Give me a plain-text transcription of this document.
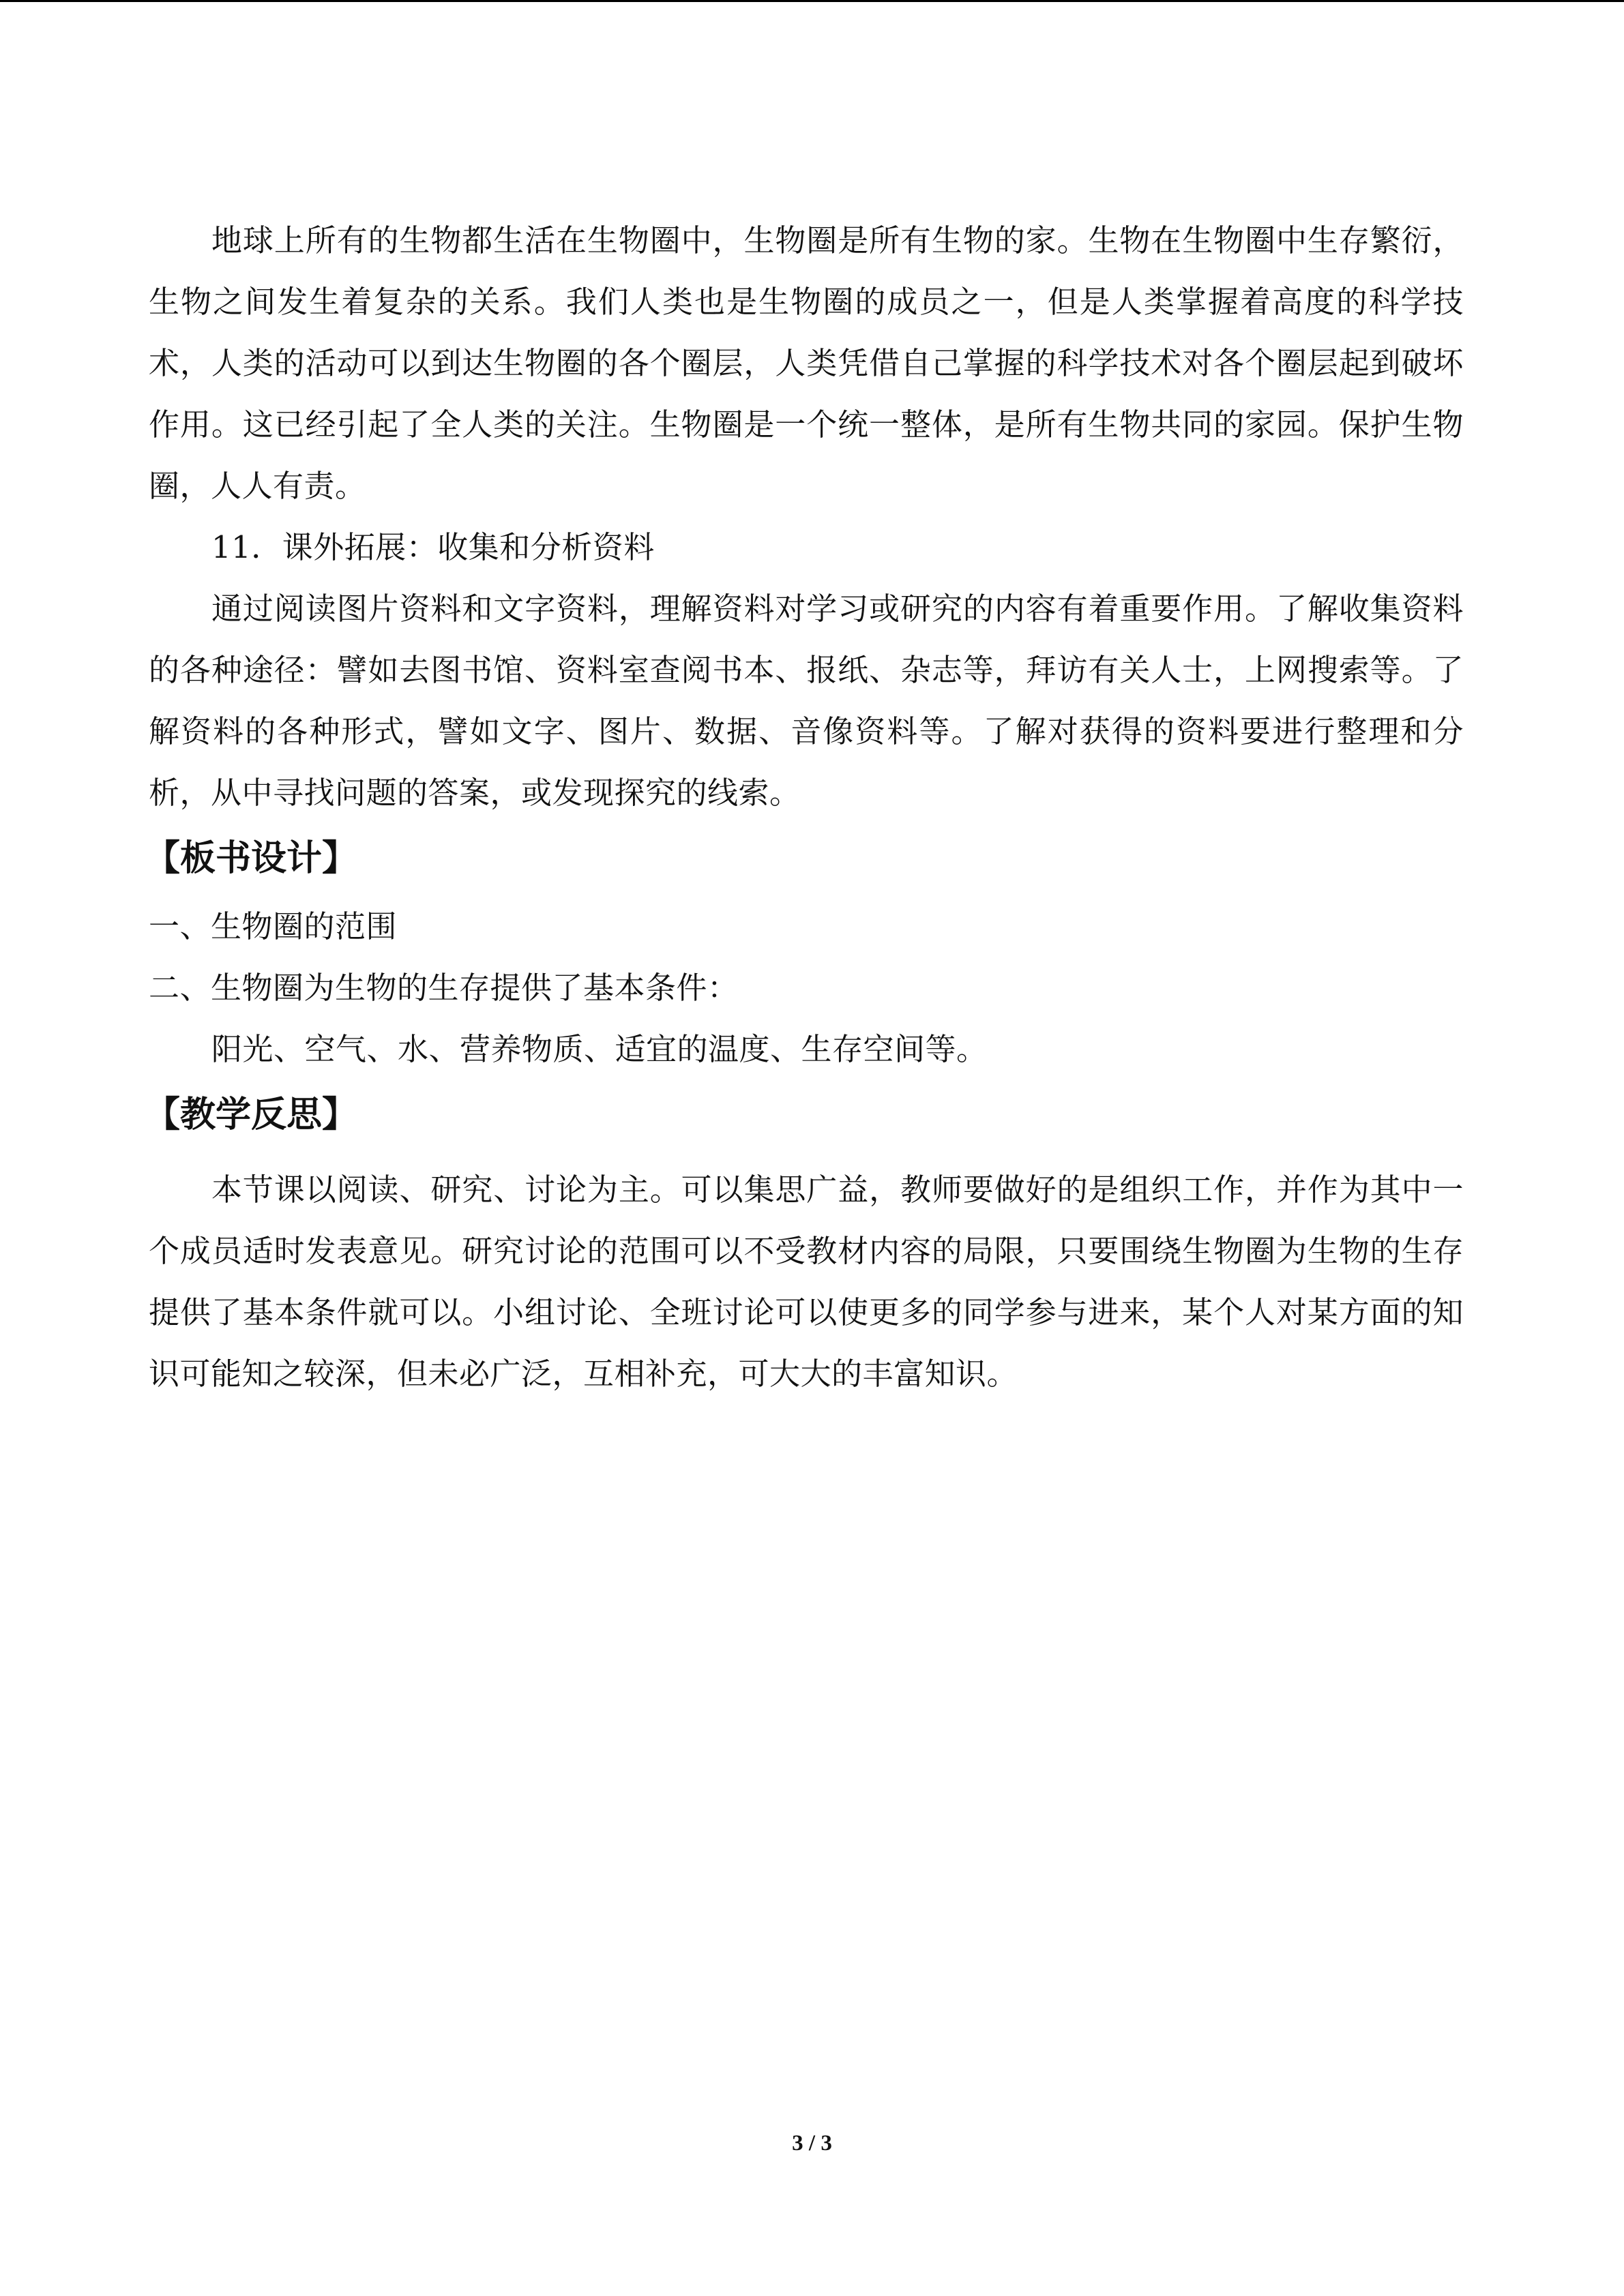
地球上所有的生物都生活在生物圈中，生物圈是所有生物的家。生物在生物圈中生存繁衍，生物之间发生着复杂的关系。我们人类也是生物圈的成员之一，但是人类掌握着高度的科学技术，人类的活动可以到达生物圈的各个圈层，人类凭借自己掌握的科学技术对各个圈层起到破坏作用。这已经引起了全人类的关注。生物圈是一个统一整体，是所有生物共同的家园。保护生物圈，人人有责。

11．课外拓展：收集和分析资料

通过阅读图片资料和文字资料，理解资料对学习或研究的内容有着重要作用。了解收集资料的各种途径：譬如去图书馆、资料室查阅书本、报纸、杂志等，拜访有关人士，上网搜索等。了解资料的各种形式，譬如文字、图片、数据、音像资料等。了解对获得的资料要进行整理和分析，从中寻找问题的答案，或发现探究的线索。

【板书设计】

一、生物圈的范围

二、生物圈为生物的生存提供了基本条件：

阳光、空气、水、营养物质、适宜的温度、生存空间等。

【教学反思】

本节课以阅读、研究、讨论为主。可以集思广益，教师要做好的是组织工作，并作为其中一个成员适时发表意见。研究讨论的范围可以不受教材内容的局限，只要围绕生物圈为生物的生存提供了基本条件就可以。小组讨论、全班讨论可以使更多的同学参与进来，某个人对某方面的知识可能知之较深，但未必广泛，互相补充，可大大的丰富知识。

3 / 3
